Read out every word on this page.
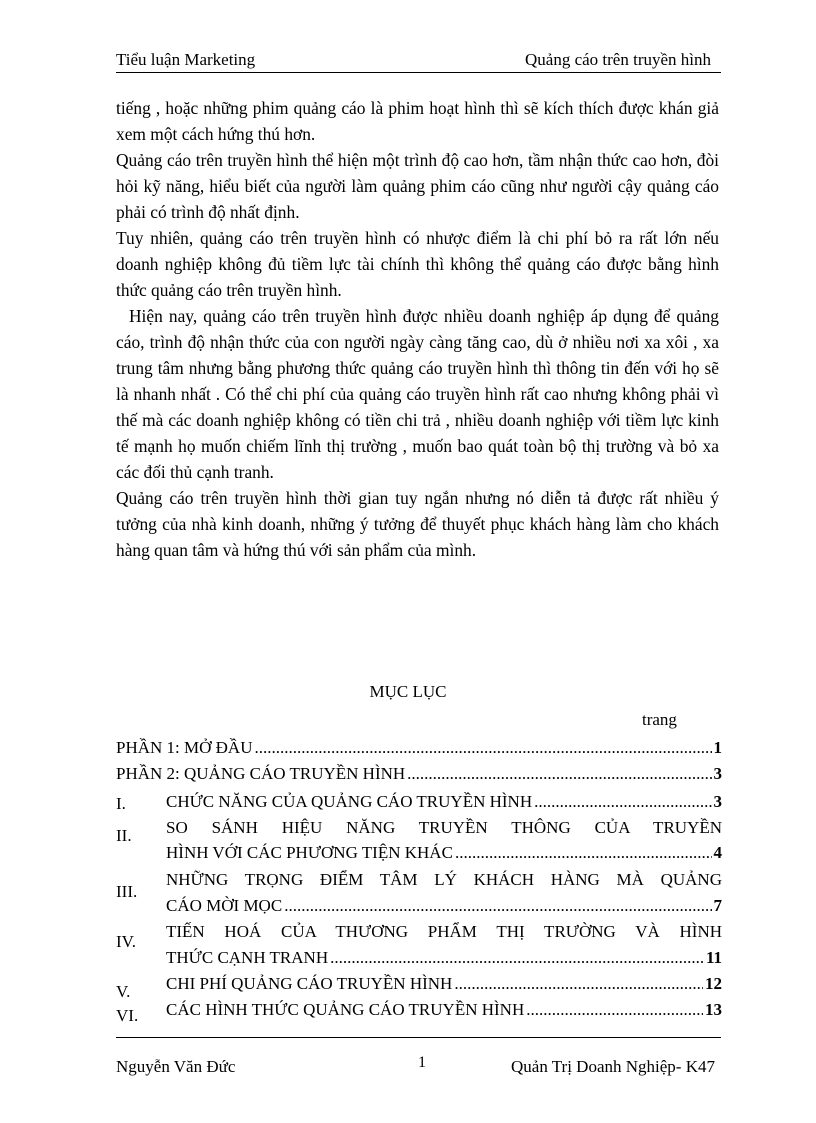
Tiểu luận Marketing	Quảng cáo trên truyền hình

tiếng , hoặc những phim quảng cáo là phim hoạt hình thì sẽ kích thích được khán giả xem một cách hứng thú hơn.

Quảng cáo trên truyền hình thể hiện một trình độ cao hơn, tầm nhận thức cao hơn, đòi hỏi kỹ năng, hiểu biết của người làm quảng phim cáo cũng như người cậy quảng cáo phải có trình độ nhất định.

Tuy nhiên, quảng cáo trên truyền hình có nhược điểm là chi phí bỏ ra rất lớn nếu doanh nghiệp không đủ tiềm lực tài chính thì không thể quảng cáo được bằng hình thức quảng cáo trên truyền hình.

Hiện nay, quảng cáo trên truyền hình được nhiều doanh nghiệp áp dụng để quảng cáo, trình độ nhận thức của con người ngày càng tăng cao, dù ở nhiều nơi xa xôi , xa trung tâm nhưng bằng phương thức quảng cáo truyền hình thì thông tin đến với họ sẽ là nhanh nhất . Có thể chi phí của quảng cáo truyền hình rất cao nhưng không phải vì thế mà các doanh nghiệp không có tiền chi trả , nhiều doanh nghiệp với tiềm lực kinh tế mạnh họ muốn chiếm lĩnh thị trường , muốn bao quát toàn bộ thị trường và bỏ xa các đối thủ cạnh tranh.

Quảng cáo trên truyền hình thời gian tuy ngắn nhưng nó diễn tả được rất nhiều ý tưởng của nhà kinh doanh, những ý tưởng để thuyết phục khách hàng làm cho khách hàng quan tâm và hứng thú với sản phẩm của mình.

MỤC LỤC
trang
PHẦN 1: MỞ ĐẦU .....	1
PHẦN 2: QUẢNG CÁO TRUYỀN HÌNH .....	3
I. CHỨC NĂNG CỦA QUẢNG CÁO TRUYỀN HÌNH .....	3
II. SO SÁNH HIỆU NĂNG TRUYỀN THÔNG CỦA TRUYỀN
HÌNH VỚI CÁC PHƯƠNG TIỆN KHÁC .....	4
III.
NHỮNG TRỌNG ĐIỂM TÂM LÝ KHÁCH HÀNG MÀ QUẢNG
CÁO MỜI MỌC .....	7
IV.
TIẾN HOÁ CỦA THƯƠNG PHẨM THỊ TRƯỜNG VÀ HÌNH
THỨC CẠNH TRANH .....	11
V. CHI PHÍ QUẢNG CÁO TRUYỀN HÌNH .....	12
VI. CÁC HÌNH THỨC QUẢNG CÁO TRUYỀN HÌNH .....	13
Nguyễn Văn Đức	1	Quản Trị Doanh Nghiệp- K47
